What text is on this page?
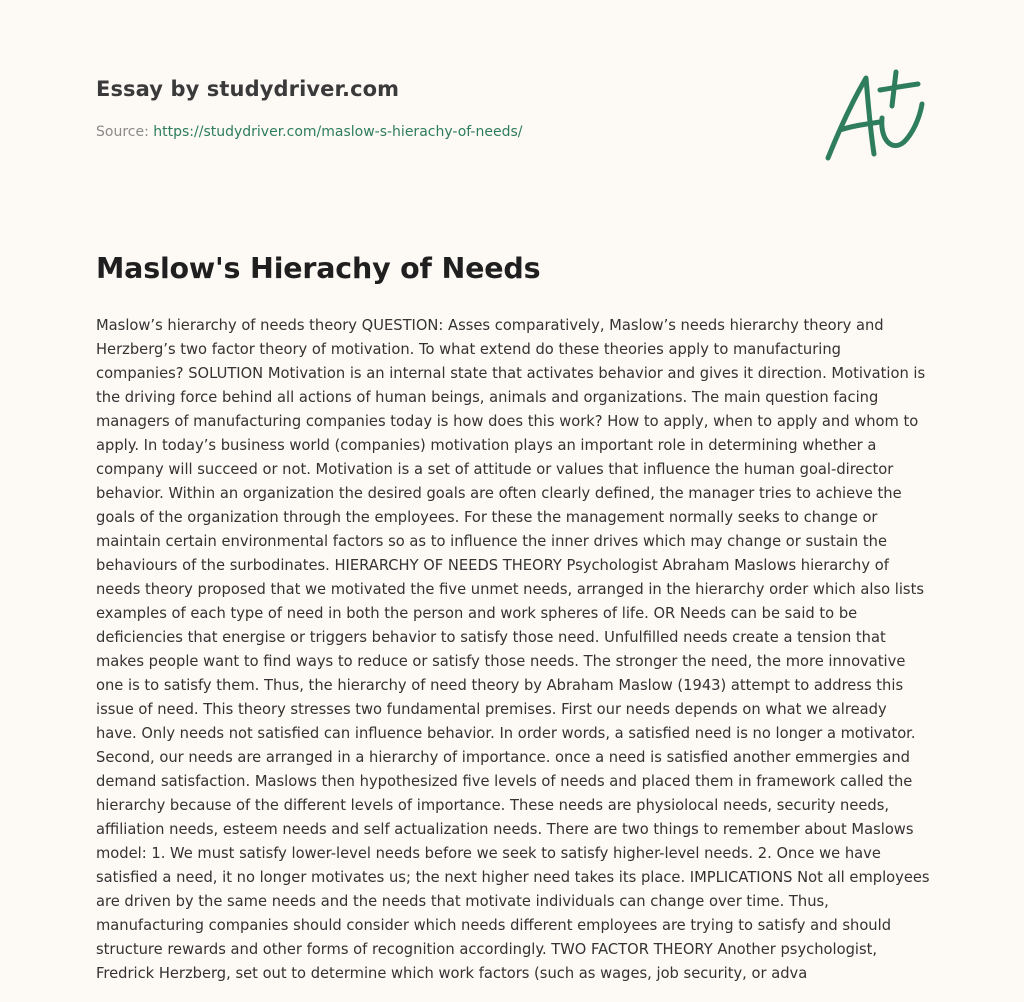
Essay by studydriver.com
Source: https://studydriver.com/maslow-s-hierachy-of-needs/
Maslow's Hierachy of Needs

Maslow’s hierarchy of needs theory QUESTION: Asses comparatively, Maslow’s needs hierarchy theory and Herzberg’s two factor theory of motivation. To what extend do these theories apply to manufacturing companies? SOLUTION Motivation is an internal state that activates behavior and gives it direction. Motivation is the driving force behind all actions of human beings, animals and organizations. The main question facing managers of manufacturing companies today is how does this work? How to apply, when to apply and whom to apply. In today’s business world (companies) motivation plays an important role in determining whether a company will succeed or not. Motivation is a set of attitude or values that influence the human goal-director behavior. Within an organization the desired goals are often clearly defined, the manager tries to achieve the goals of the organization through the employees. For these the management normally seeks to change or maintain certain environmental factors so as to influence the inner drives which may change or sustain the behaviours of the surbodinates. HIERARCHY OF NEEDS THEORY Psychologist Abraham Maslows hierarchy of needs theory proposed that we motivated the five unmet needs, arranged in the hierarchy order which also lists examples of each type of need in both the person and work spheres of life. OR Needs can be said to be deficiencies that energise or triggers behavior to satisfy those need. Unfulfilled needs create a tension that makes people want to find ways to reduce or satisfy those needs. The stronger the need, the more innovative one is to satisfy them. Thus, the hierarchy of need theory by Abraham Maslow (1943) attempt to address this issue of need. This theory stresses two fundamental premises. First our needs depends on what we already have. Only needs not satisfied can influence behavior. In order words, a satisfied need is no longer a motivator. Second, our needs are arranged in a hierarchy of importance. once a need is satisfied another emmergies and demand satisfaction. Maslows then hypothesized five levels of needs and placed them in framework called the hierarchy because of the different levels of importance. These needs are physiolocal needs, security needs, affiliation needs, esteem needs and self actualization needs. There are two things to remember about Maslows model: 1. We must satisfy lower-level needs before we seek to satisfy higher-level needs. 2. Once we have satisfied a need, it no longer motivates us; the next higher need takes its place. IMPLICATIONS Not all employees are driven by the same needs and the needs that motivate individuals can change over time. Thus, manufacturing companies should consider which needs different employees are trying to satisfy and should structure rewards and other forms of recognition accordingly. TWO FACTOR THEORY Another psychologist, Fredrick Herzberg, set out to determine which work factors (such as wages, job security, or adva
